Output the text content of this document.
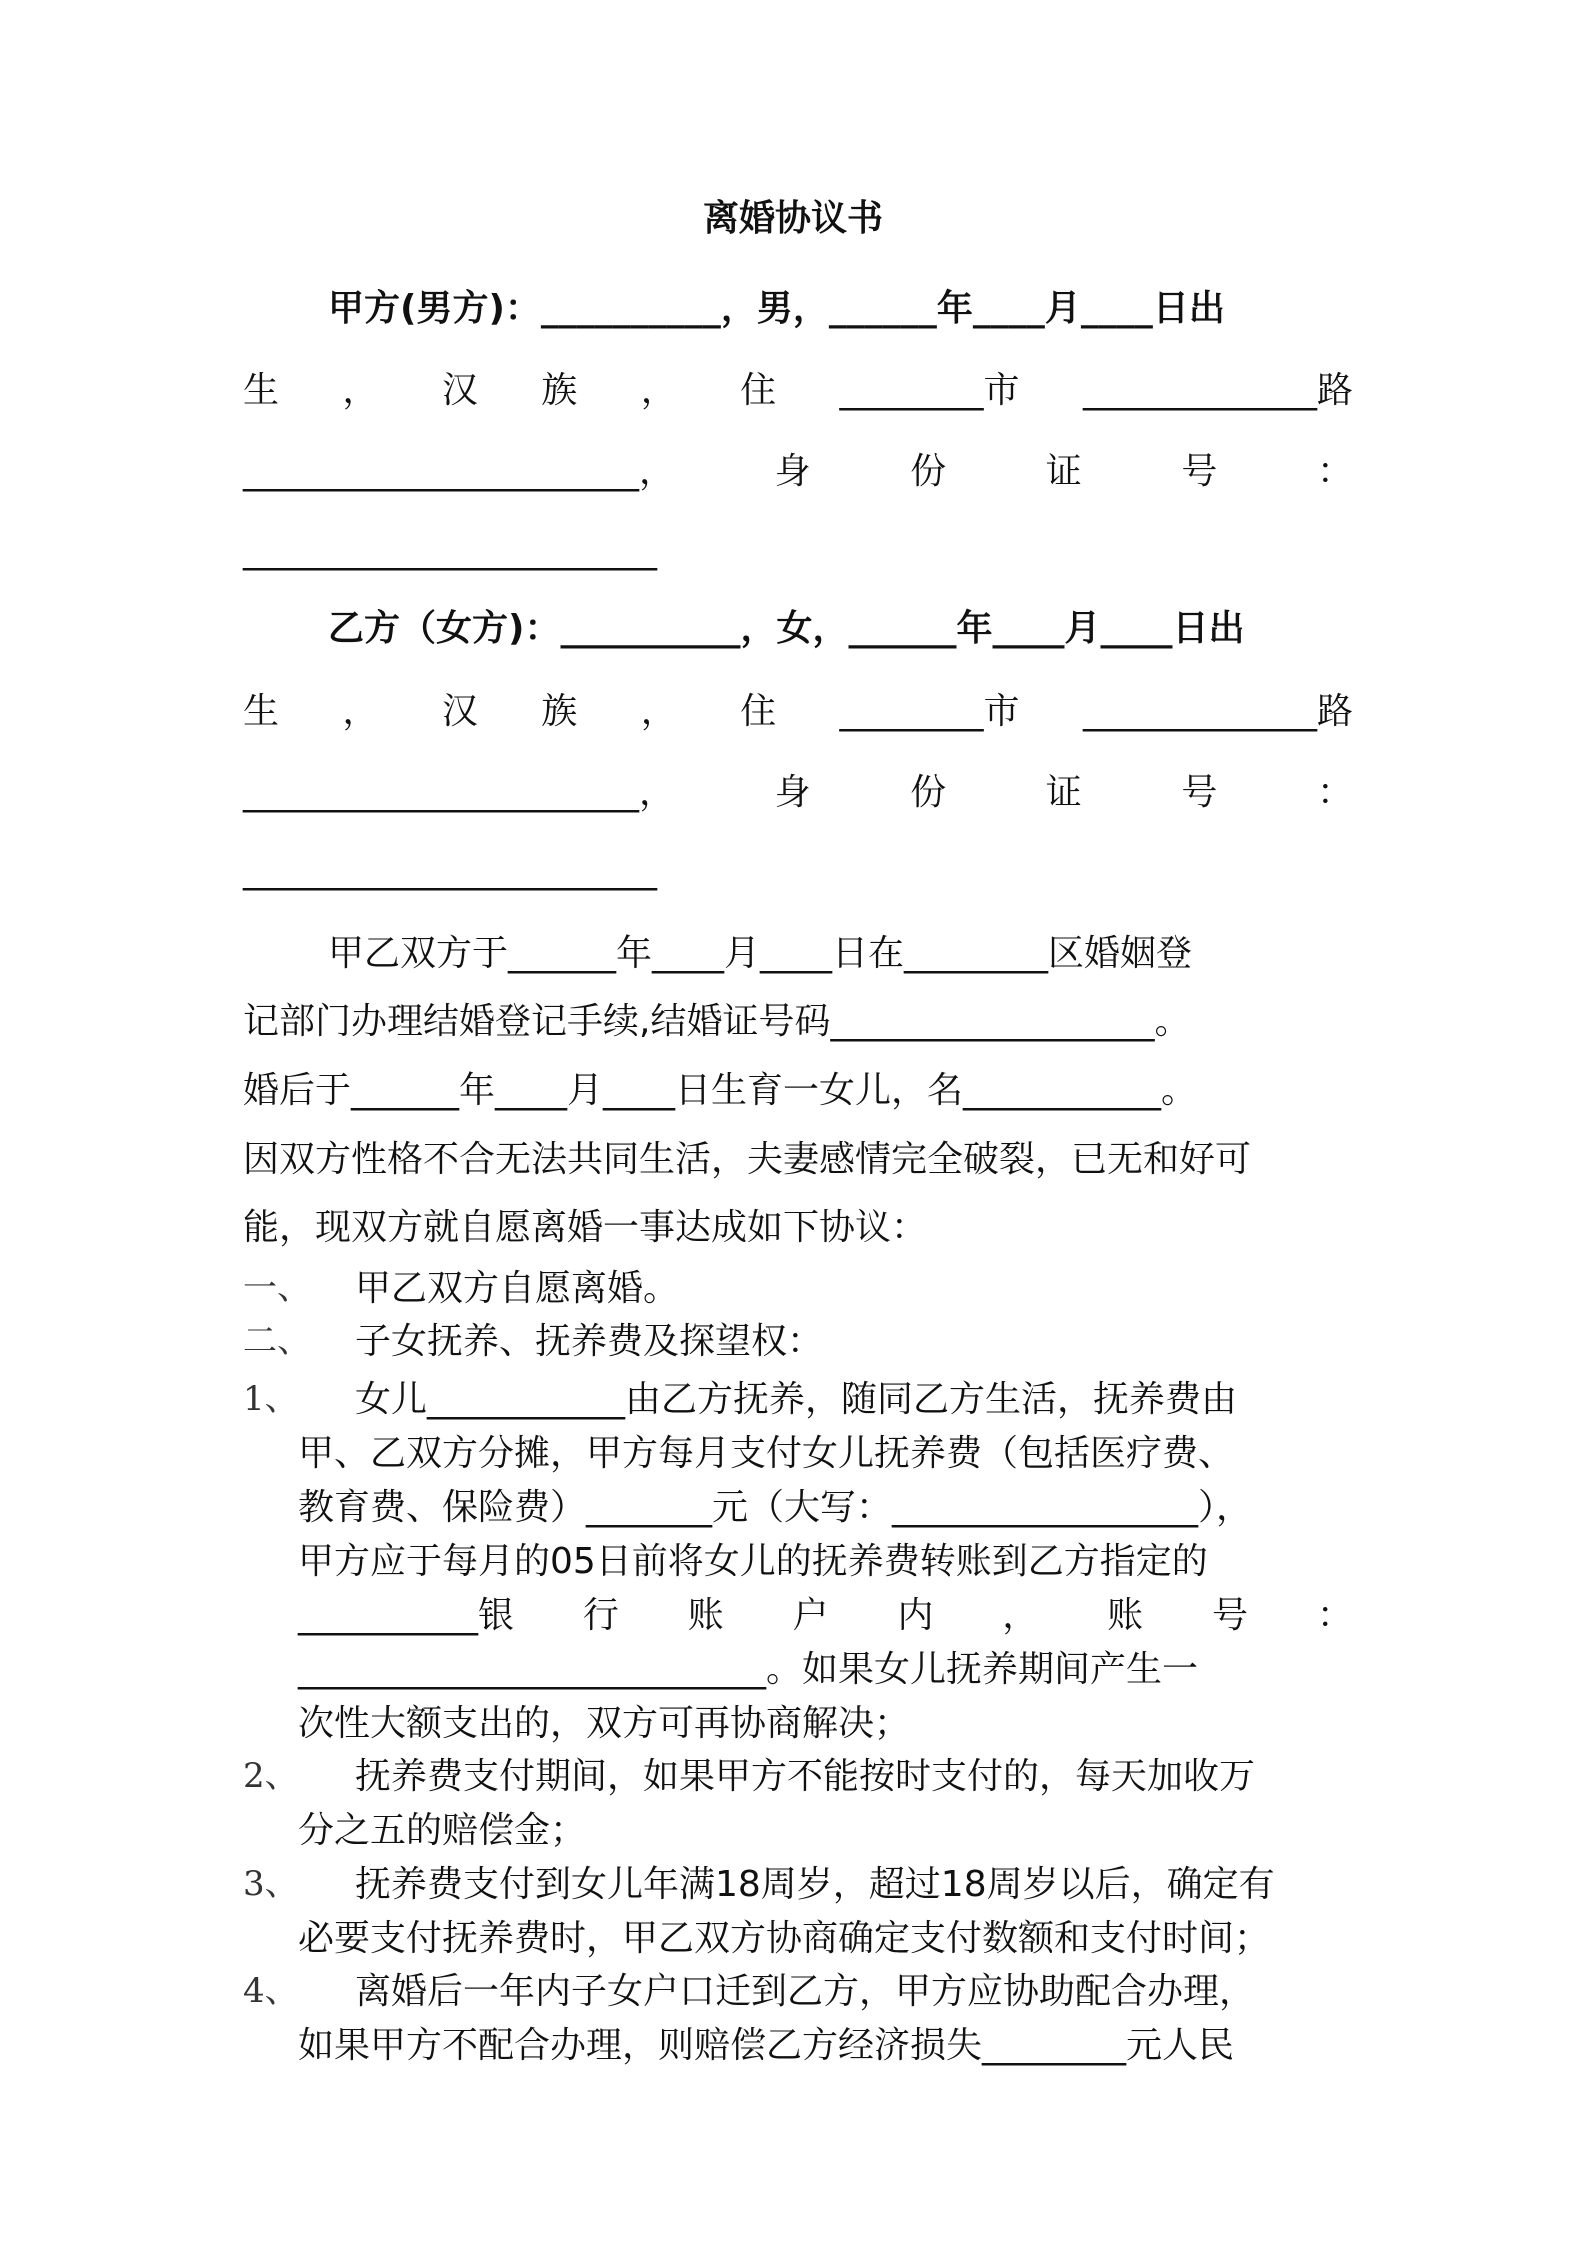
离婚协议书
甲方(男方)：__________，男，______年____月____日出
生 ， 汉 族 ， 住 ________市 _____________路
______________________，	身	份	证	号	：
_______________________
乙方（女方)：__________，女，______年____月____日出
生 ， 汉 族 ， 住 ________市 _____________路
______________________，	身	份	证	号	：
_______________________
甲乙双方于______年____月____日在________区婚姻登
记部门办理结婚登记手续,结婚证号码__________________。
婚后于______年____月____日生育一女儿，名___________。
因双方性格不合无法共同生活，夫妻感情完全破裂，已无和好可
能，现双方就自愿离婚一事达成如下协议：
一、 甲乙双方自愿离婚。
二、 子女抚养、抚养费及探望权：
1、 女儿___________由乙方抚养，随同乙方生活，抚养费由
甲、乙双方分摊，甲方每月支付女儿抚养费（包括医疗费、
教育费、保险费）_______元（大写：_________________），
甲方应于每月的05日前将女儿的抚养费转账到乙方指定的
__________银 行 账 户 内 ， 账 号 ：
__________________________。如果女儿抚养期间产生一
次性大额支出的，双方可再协商解决；
2、 抚养费支付期间，如果甲方不能按时支付的，每天加收万
分之五的赔偿金；
3、 抚养费支付到女儿年满18周岁，超过18周岁以后，确定有
必要支付抚养费时，甲乙双方协商确定支付数额和支付时间；
4、 离婚后一年内子女户口迁到乙方，甲方应协助配合办理，
如果甲方不配合办理，则赔偿乙方经济损失________元人民
